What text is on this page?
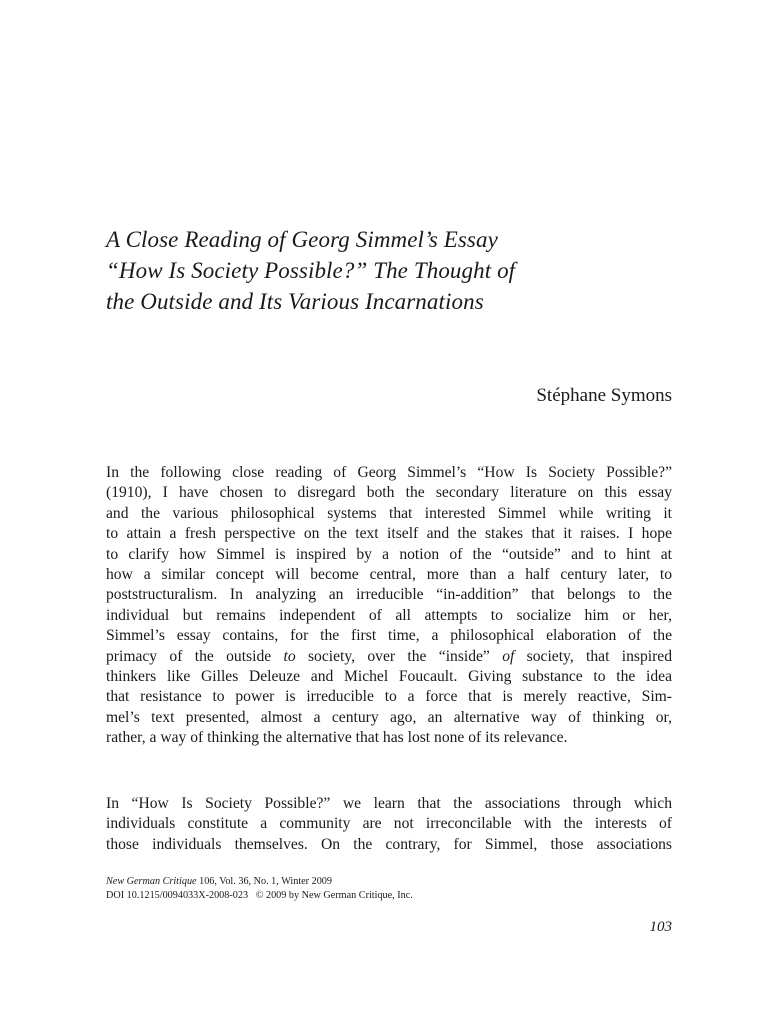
A Close Reading of Georg Simmel’s Essay
“How Is Society Possible?” The Thought of
the Outside and Its Various Incarnations
Stéphane Symons
In the following close reading of Georg Simmel’s “How Is Society Possible?”
(1910), I have chosen to disregard both the secondary literature on this essay
and the various philosophical systems that interested Simmel while writing it
to attain a fresh perspective on the text itself and the stakes that it raises. I hope
to clarify how Simmel is inspired by a notion of the “outside” and to hint at
how a similar concept will become central, more than a half century later, to
poststructuralism. In analyzing an irreducible “in-addition” that belongs to the
individual but remains independent of all attempts to socialize him or her,
Simmel’s essay contains, for the first time, a philosophical elaboration of the
primacy of the outside to society, over the “inside” of society, that inspired
thinkers like Gilles Deleuze and Michel Foucault. Giving substance to the idea
that resistance to power is irreducible to a force that is merely reactive, Sim-
mel’s text presented, almost a century ago, an alternative way of thinking or,
rather, a way of thinking the alternative that has lost none of its relevance.
In “How Is Society Possible?” we learn that the associations through which
individuals constitute a community are not irreconcilable with the interests of
those individuals themselves. On the contrary, for Simmel, those associations
New German Critique 106, Vol. 36, No. 1, Winter 2009
DOI 10.1215/0094033X-2008-023   © 2009 by New German Critique, Inc.
103
